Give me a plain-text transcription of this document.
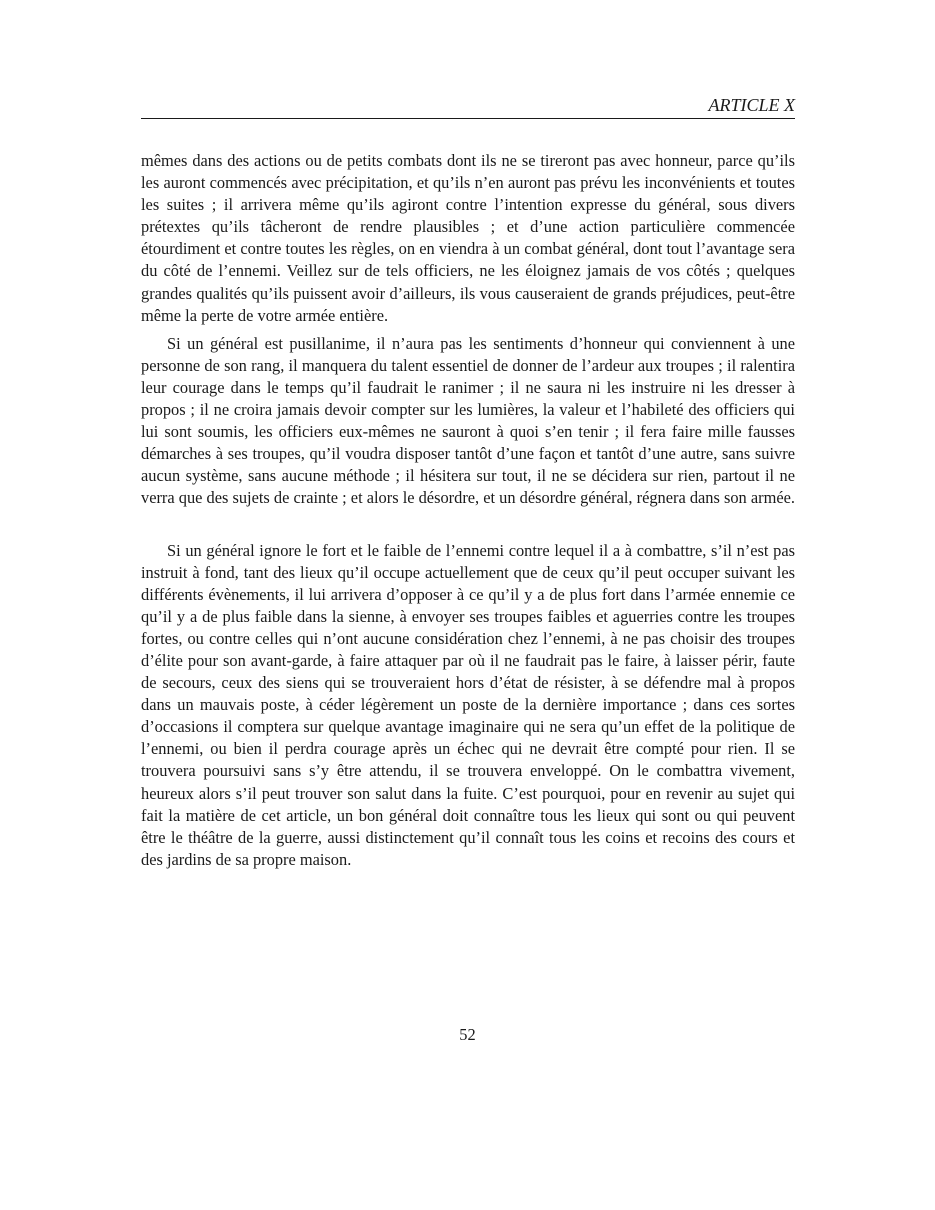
ARTICLE X

mêmes dans des actions ou de petits combats dont ils ne se tireront pas avec honneur, parce qu’ils les auront commencés avec précipitation, et qu’ils n’en auront pas prévu les inconvénients et toutes les suites ; il arrivera même qu’ils agiront contre l’intention expresse du général, sous divers prétextes qu’ils tâcheront de rendre plausibles ; et d’une action particulière commencée étourdiment et contre toutes les règles, on en viendra à un combat général, dont tout l’avantage sera du côté de l’ennemi. Veillez sur de tels officiers, ne les éloignez jamais de vos côtés ; quelques grandes qualités qu’ils puissent avoir d’ailleurs, ils vous causeraient de grands préjudices, peut-être même la perte de votre armée entière.

Si un général est pusillanime, il n’aura pas les sentiments d’honneur qui conviennent à une personne de son rang, il manquera du talent essentiel de donner de l’ardeur aux troupes ; il ralentira leur courage dans le temps qu’il faudrait le ranimer ; il ne saura ni les instruire ni les dresser à propos ; il ne croira jamais devoir compter sur les lumières, la valeur et l’habileté des officiers qui lui sont soumis, les officiers eux-mêmes ne sauront à quoi s’en tenir ; il fera faire mille fausses démarches à ses troupes, qu’il voudra disposer tantôt d’une façon et tantôt d’une autre, sans suivre aucun système, sans aucune méthode ; il hésitera sur tout, il ne se décidera sur rien, partout il ne verra que des sujets de crainte ; et alors le désordre, et un désordre général, régnera dans son armée.

Si un général ignore le fort et le faible de l’ennemi contre lequel il a à combattre, s’il n’est pas instruit à fond, tant des lieux qu’il occupe actuellement que de ceux qu’il peut occuper suivant les différents évènements, il lui arrivera d’opposer à ce qu’il y a de plus fort dans l’armée ennemie ce qu’il y a de plus faible dans la sienne, à envoyer ses troupes faibles et aguerries contre les troupes fortes, ou contre celles qui n’ont aucune considération chez l’ennemi, à ne pas choisir des troupes d’élite pour son avant-garde, à faire attaquer par où il ne faudrait pas le faire, à laisser périr, faute de secours, ceux des siens qui se trouveraient hors d’état de résister, à se défendre mal à propos dans un mauvais poste, à céder légèrement un poste de la dernière importance ; dans ces sortes d’occasions il comptera sur quelque avantage imaginaire qui ne sera qu’un effet de la politique de l’ennemi, ou bien il perdra courage après un échec qui ne devrait être compté pour rien. Il se trouvera poursuivi sans s’y être attendu, il se trouvera enveloppé. On le combattra vivement, heureux alors s’il peut trouver son salut dans la fuite. C’est pourquoi, pour en revenir au sujet qui fait la matière de cet article, un bon général doit connaître tous les lieux qui sont ou qui peuvent être le théâtre de la guerre, aussi distinctement qu’il connaît tous les coins et recoins des cours et des jardins de sa propre maison.

52
